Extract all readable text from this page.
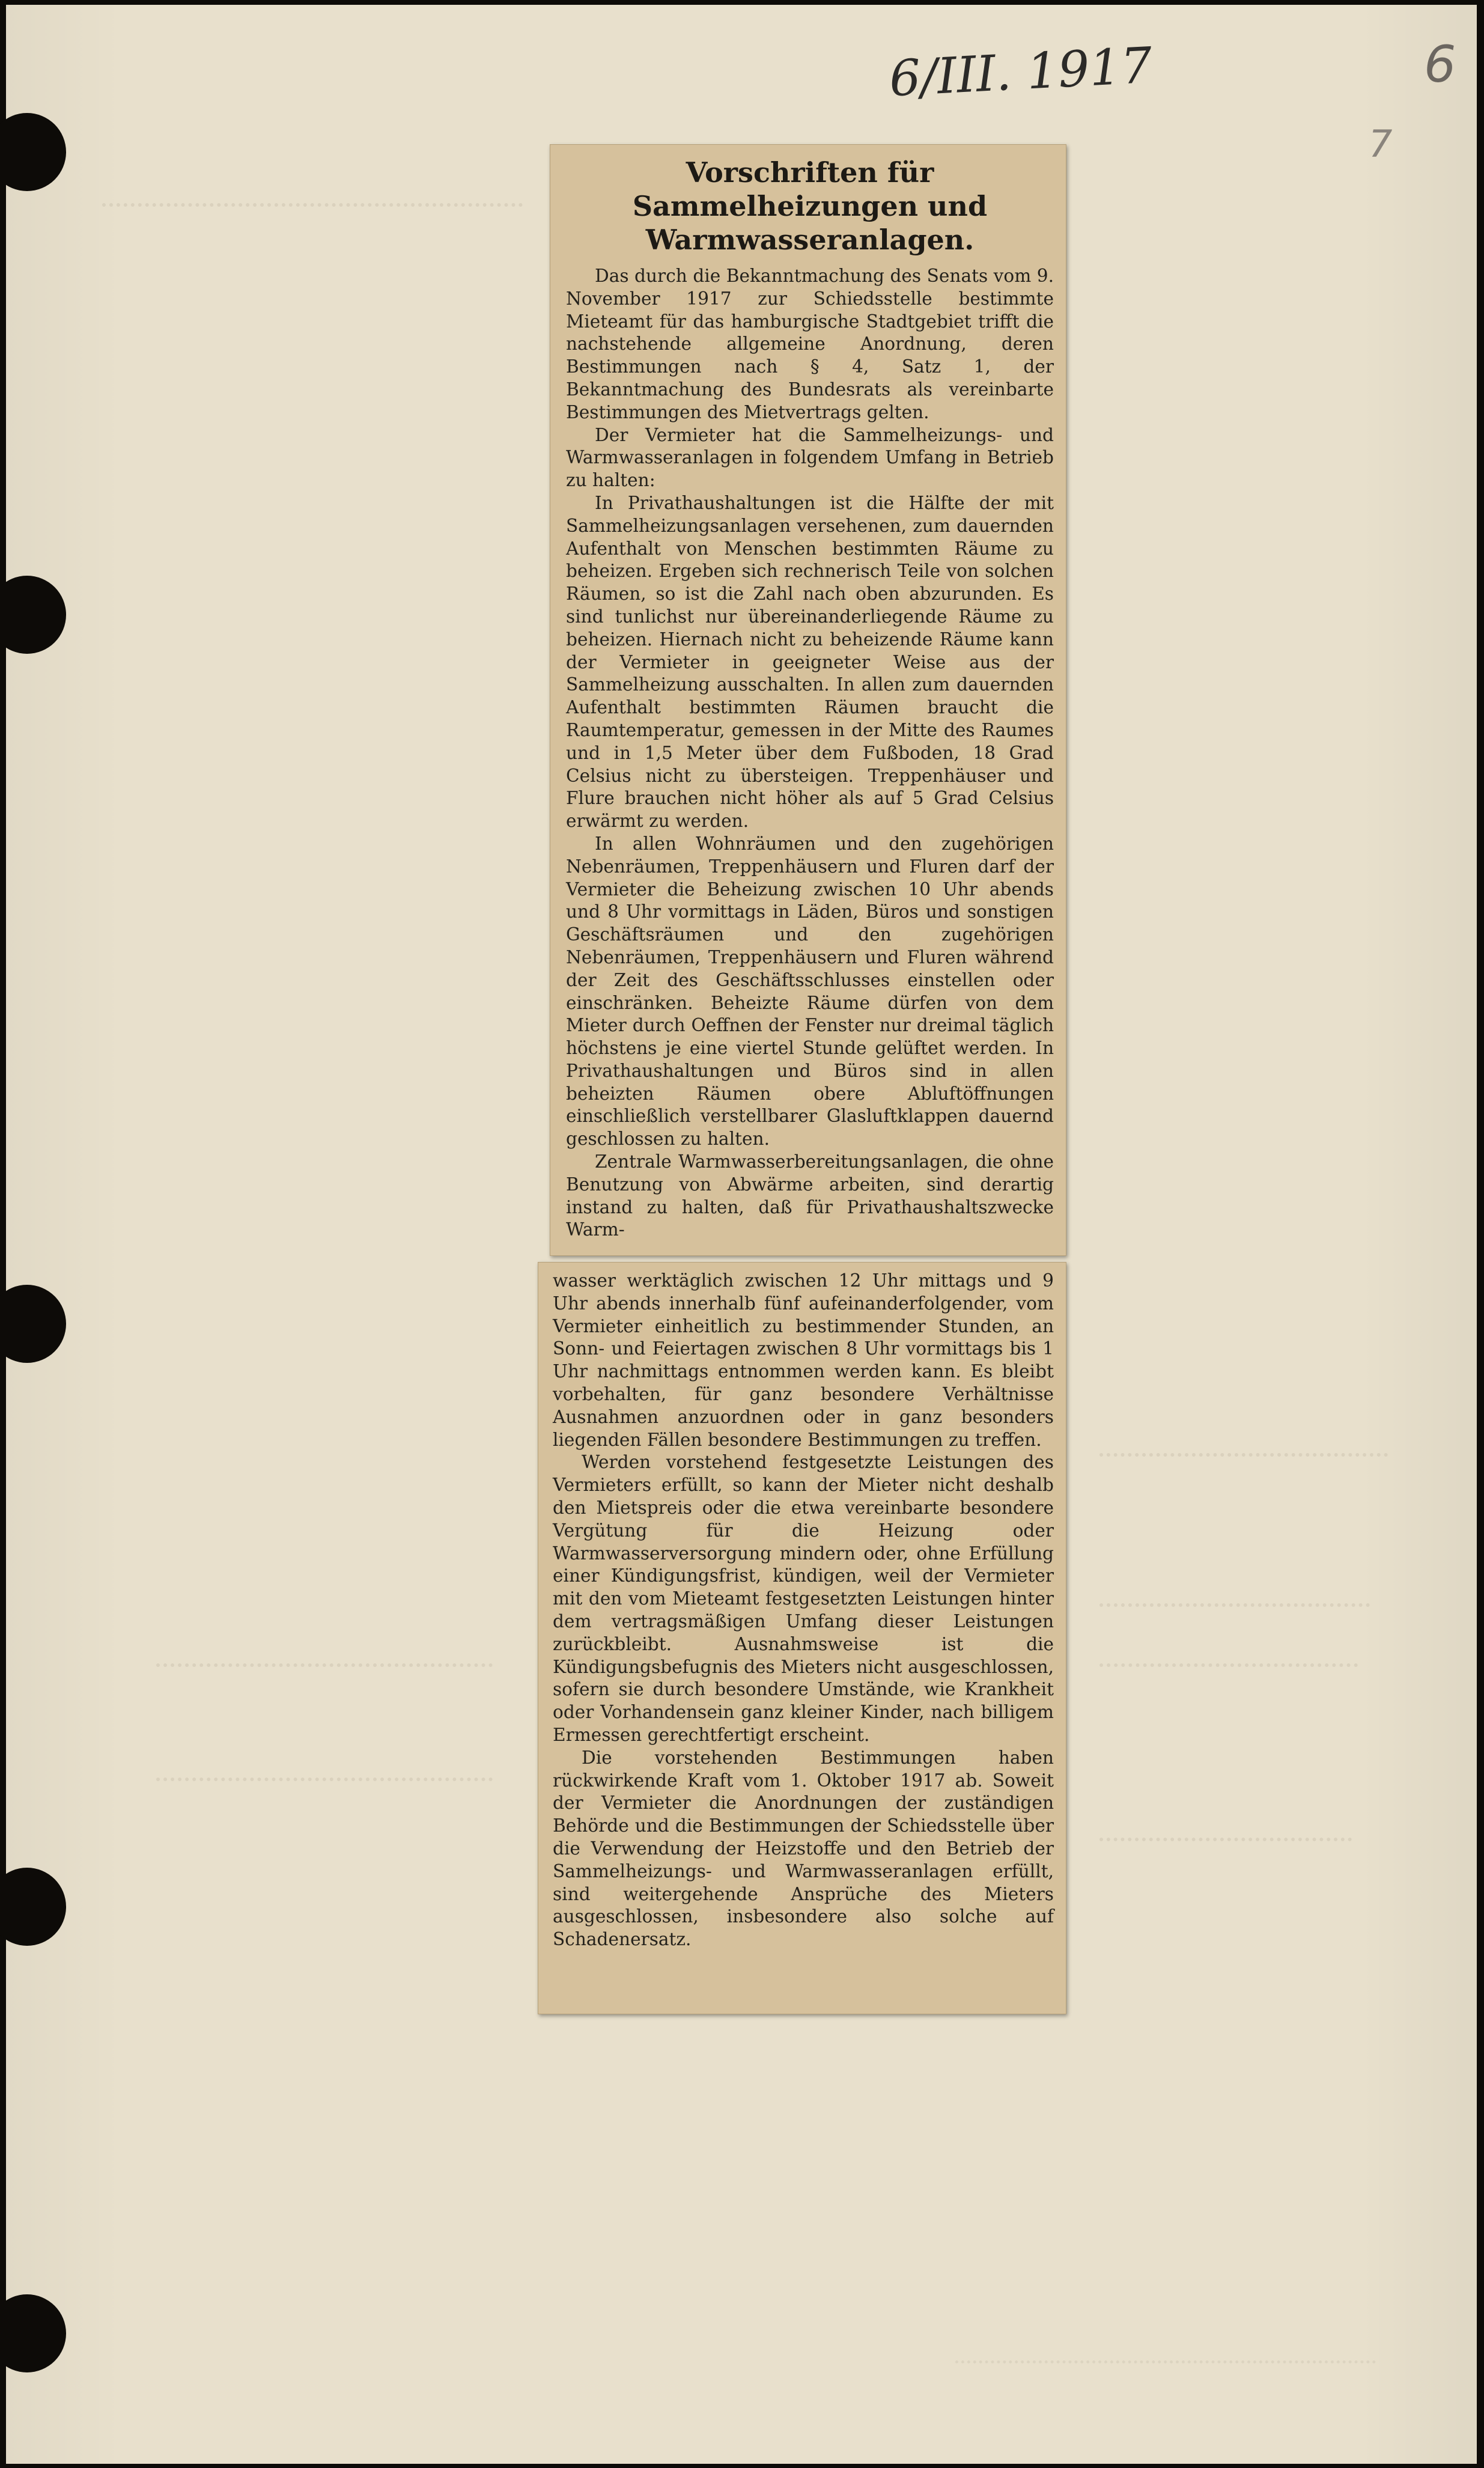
6/III. 1917	6
7
Vorschriften für Sammelheizungen und Warmwasseranlagen.

Das durch die Bekanntmachung des Senats vom 9. November 1917 zur Schiedsstelle bestimmte Mieteamt für das hamburgische Stadtgebiet trifft die nachstehende allgemeine Anordnung, deren Bestimmungen nach § 4, Satz 1, der Bekanntmachung des Bundesrats als vereinbarte Bestimmungen des Mietvertrags gelten.

Der Vermieter hat die Sammelheizungs- und Warmwasseranlagen in folgendem Umfang in Betrieb zu halten:

In Privathaushaltungen ist die Hälfte der mit Sammelheizungsanlagen versehenen, zum dauernden Aufenthalt von Menschen bestimmten Räume zu beheizen. Ergeben sich rechnerisch Teile von solchen Räumen, so ist die Zahl nach oben abzurunden. Es sind tunlichst nur übereinanderliegende Räume zu beheizen. Hiernach nicht zu beheizende Räume kann der Vermieter in geeigneter Weise aus der Sammelheizung ausschalten. In allen zum dauernden Aufenthalt bestimmten Räumen braucht die Raumtemperatur, gemessen in der Mitte des Raumes und in 1,5 Meter über dem Fußboden, 18 Grad Celsius nicht zu übersteigen. Treppenhäuser und Flure brauchen nicht höher als auf 5 Grad Celsius erwärmt zu werden.

In allen Wohnräumen und den zugehörigen Nebenräumen, Treppenhäusern und Fluren darf der Vermieter die Beheizung zwischen 10 Uhr abends und 8 Uhr vormittags in Läden, Büros und sonstigen Geschäftsräumen und den zugehörigen Nebenräumen, Treppenhäusern und Fluren während der Zeit des Geschäftsschlusses einstellen oder einschränken. Beheizte Räume dürfen von dem Mieter durch Oeffnen der Fenster nur dreimal täglich höchstens je eine viertel Stunde gelüftet werden. In Privathaushaltungen und Büros sind in allen beheizten Räumen obere Abluftöffnungen einschließlich verstellbarer Glasluftklappen dauernd geschlossen zu halten.

Zentrale Warmwasserbereitungsanlagen, die ohne Benutzung von Abwärme arbeiten, sind derartig instand zu halten, daß für Privathaushaltszwecke Warm-

wasser werktäglich zwischen 12 Uhr mittags und 9 Uhr abends innerhalb fünf aufeinanderfolgender, vom Vermieter einheitlich zu bestimmender Stunden, an Sonn- und Feiertagen zwischen 8 Uhr vormittags bis 1 Uhr nachmittags entnommen werden kann. Es bleibt vorbehalten, für ganz besondere Verhältnisse Ausnahmen anzuordnen oder in ganz besonders liegenden Fällen besondere Bestimmungen zu treffen.

Werden vorstehend festgesetzte Leistungen des Vermieters erfüllt, so kann der Mieter nicht deshalb den Mietspreis oder die etwa vereinbarte besondere Vergütung für die Heizung oder Warmwasserversorgung mindern oder, ohne Erfüllung einer Kündigungsfrist, kündigen, weil der Vermieter mit den vom Mieteamt festgesetzten Leistungen hinter dem vertragsmäßigen Umfang dieser Leistungen zurückbleibt. Ausnahmsweise ist die Kündigungsbefugnis des Mieters nicht ausgeschlossen, sofern sie durch besondere Umstände, wie Krankheit oder Vorhandensein ganz kleiner Kinder, nach billigem Ermessen gerechtfertigt erscheint.

Die vorstehenden Bestimmungen haben rückwirkende Kraft vom 1. Oktober 1917 ab. Soweit der Vermieter die Anordnungen der zuständigen Behörde und die Bestimmungen der Schiedsstelle über die Verwendung der Heizstoffe und den Betrieb der Sammelheizungs- und Warmwasseranlagen erfüllt, sind weitergehende Ansprüche des Mieters ausgeschlossen, insbesondere also solche auf Schadenersatz.
